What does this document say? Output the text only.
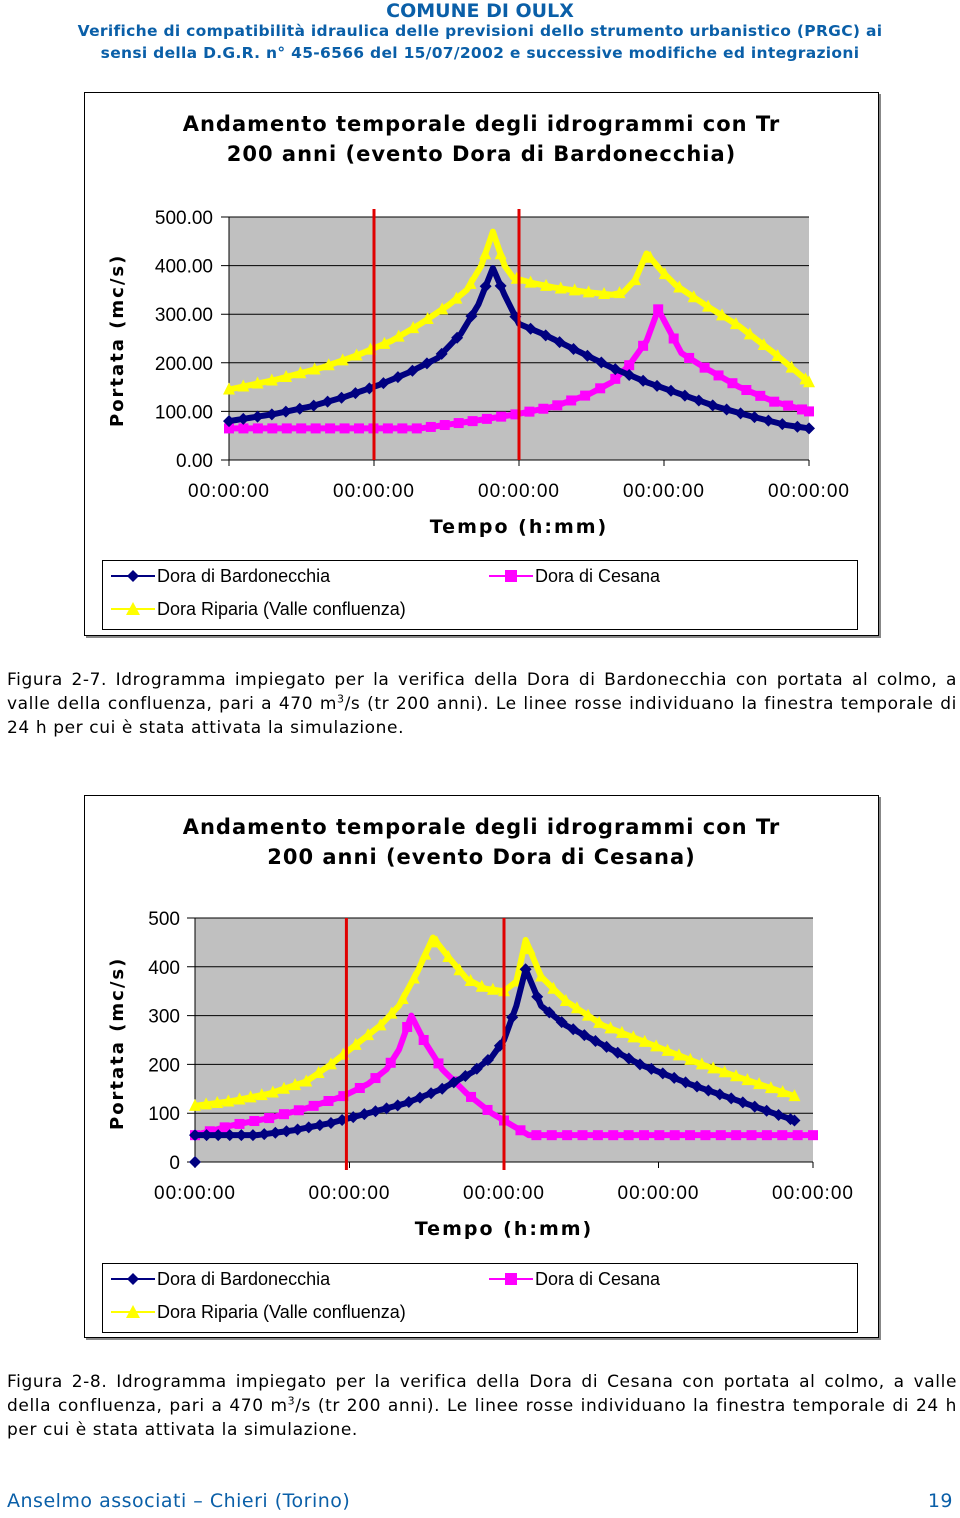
COMUNE DI OULX
Verifiche di compatibilità idraulica delle previsioni dello strumento urbanistico (PRGC) ai
sensi della D.G.R. n° 45-6566 del 15/07/2002 e successive modifiche ed integrazioni
Andamento temporale degli idrogrammi con Tr
200 anni (evento Dora di Bardonecchia)
Portata (mc/s)
500.00
400.00
300.00
200.00
100.00
0.00
00:00:00	00:00:00	00:00:00	00:00:00	00:00:00
Tempo (h:mm)
Dora di Bardonecchia	Dora di Cesana
Dora Riparia (Valle confluenza)
Figura 2-7. Idrogramma impiegato per la verifica della Dora di Bardonecchia con portata al colmo, a valle della confluenza, pari a 470 $m^3/s$ (tr 200 anni). Le linee rosse individuano la finestra temporale di 24 h per cui è stata attivata la simulazione.
Andamento temporale degli idrogrammi con Tr
200 anni (evento Dora di Cesana)
Portata (mc/s)
500
400
300
200
100
0
00:00:00	00:00:00	00:00:00	00:00:00	00:00:00
Tempo (h:mm)
Dora di Bardonecchia	Dora di Cesana
Dora Riparia (Valle confluenza)
Figura 2-8. Idrogramma impiegato per la verifica della Dora di Cesana con portata al colmo, a valle della confluenza, pari a 470 $m^3/s$ (tr 200 anni). Le linee rosse individuano la finestra temporale di 24 h per cui è stata attivata la simulazione.
Anselmo associati – Chieri (Torino)	19
